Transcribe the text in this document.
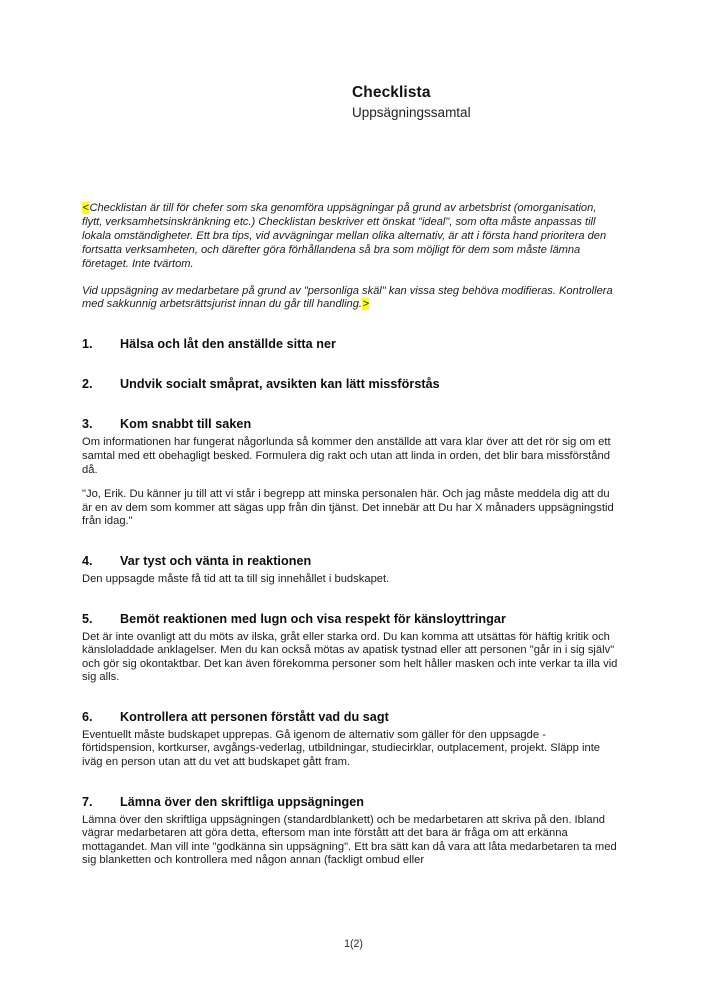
Checklista

Uppsägningssamtal

<Checklistan är till för chefer som ska genomföra uppsägningar på grund av arbetsbrist (omorganisation, flytt, verksamhetsinskränkning etc.) Checklistan beskriver ett önskat "ideal", som ofta måste anpassas till lokala omständigheter. Ett bra tips, vid avvägningar mellan olika alternativ, är att i första hand prioritera den fortsatta verksamheten, och därefter göra förhållandena så bra som möjligt för dem som måste lämna företaget. Inte tvärtom.

Vid uppsägning av medarbetare på grund av "personliga skäl" kan vissa steg behöva modifieras. Kontrollera med sakkunnig arbetsrättsjurist innan du går till handling.>

1. Hälsa och låt den anställde sitta ner
2. Undvik socialt småprat, avsikten kan lätt missförstås
3. Kom snabbt till saken

Om informationen har fungerat någorlunda så kommer den anställde att vara klar över att det rör sig om ett samtal med ett obehagligt besked. Formulera dig rakt och utan att linda in orden, det blir bara missförstånd då.

"Jo, Erik. Du känner ju till att vi står i begrepp att minska personalen här. Och jag måste meddela dig att du är en av dem som kommer att sägas upp från din tjänst. Det innebär att Du har X månaders uppsägningstid från idag."

4. Var tyst och vänta in reaktionen

Den uppsagde måste få tid att ta till sig innehållet i budskapet.

5. Bemöt reaktionen med lugn och visa respekt för känsloyttringar

Det är inte ovanligt att du möts av ilska, gråt eller starka ord. Du kan komma att utsättas för häftig kritik och känsloladdade anklagelser. Men du kan också mötas av apatisk tystnad eller att personen "går in i sig själv" och gör sig okontaktbar. Det kan även förekomma personer som helt håller masken och inte verkar ta illa vid sig alls.

6. Kontrollera att personen förstått vad du sagt

Eventuellt måste budskapet upprepas. Gå igenom de alternativ som gäller för den uppsagde - förtidspension, kortkurser, avgångs-vederlag, utbildningar, studiecirklar, outplacement, projekt. Släpp inte iväg en person utan att du vet att budskapet gått fram.

7. Lämna över den skriftliga uppsägningen

Lämna över den skriftliga uppsägningen (standardblankett) och be medarbetaren att skriva på den. Ibland vägrar medarbetaren att göra detta, eftersom man inte förstått att det bara är fråga om att erkänna mottagandet. Man vill inte "godkänna sin uppsägning". Ett bra sätt kan då vara att låta medarbetaren ta med sig blanketten och kontrollera med någon annan (fackligt ombud eller

1(2)
